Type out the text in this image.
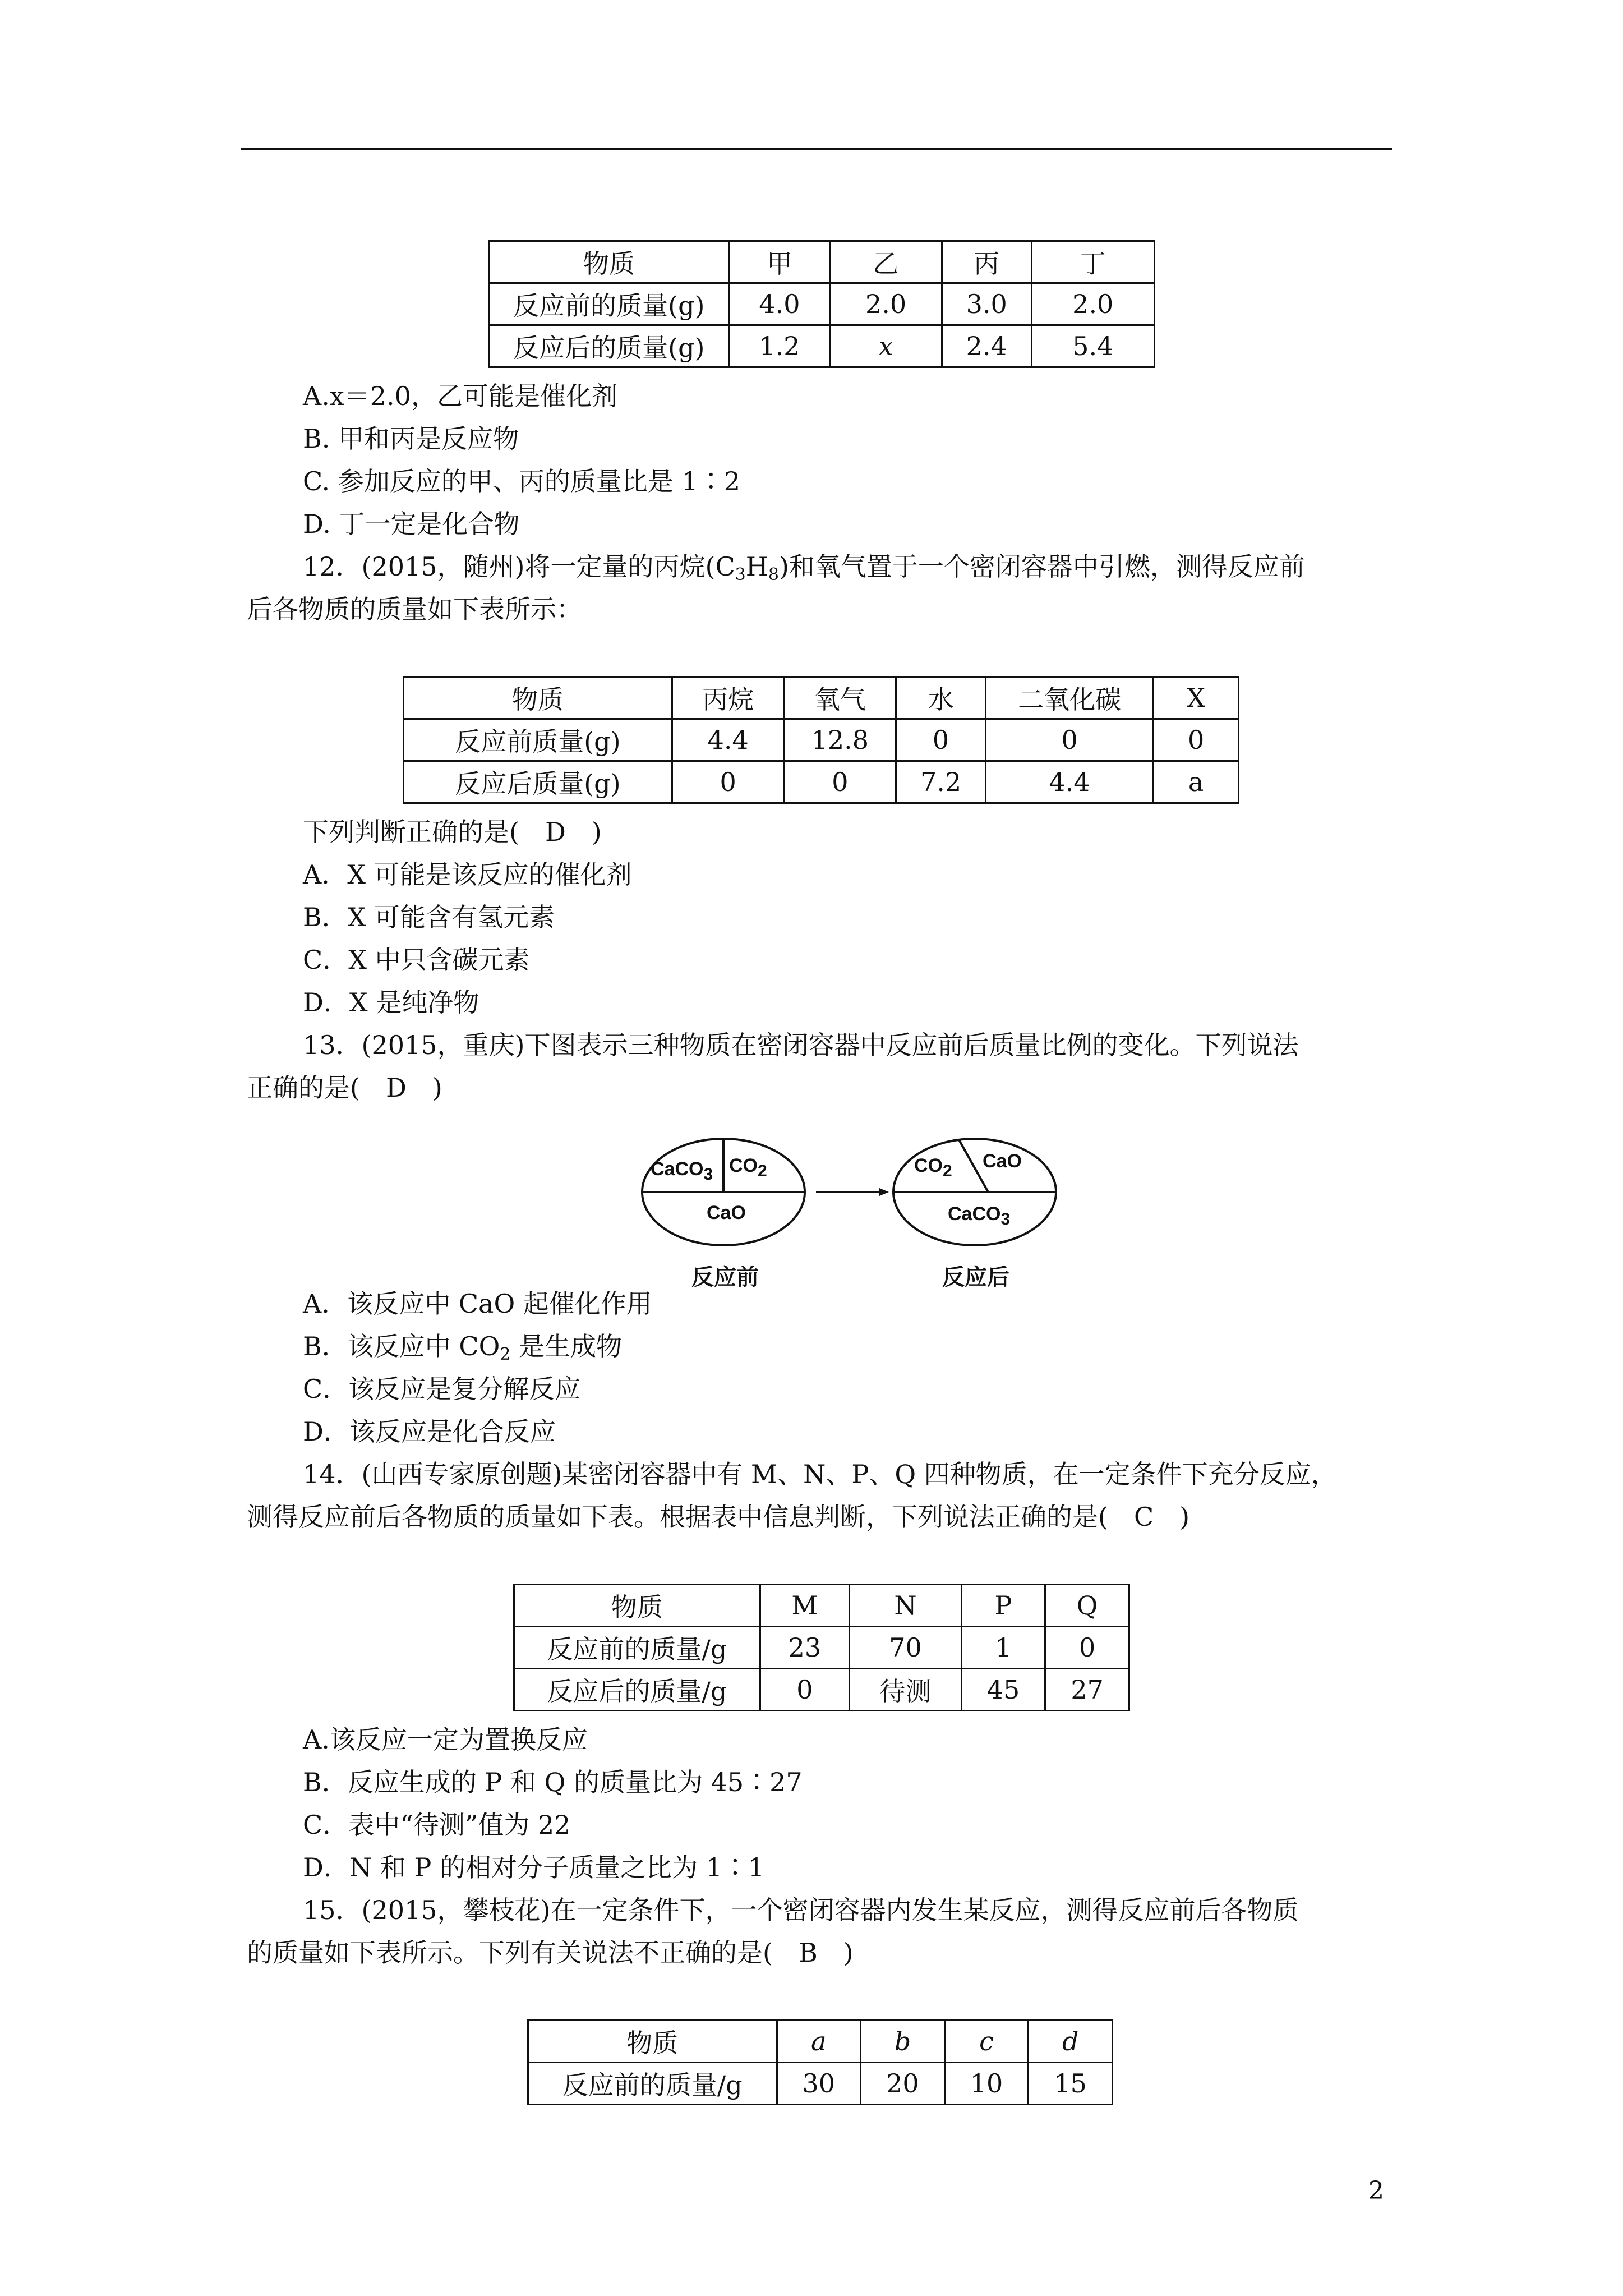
物质	甲	乙	丙	丁
反应前的质量(g)	4.0	2.0	3.0	2.0
反应后的质量(g)	1.2	x	2.4	5.4
A.x＝2.0，乙可能是催化剂
B. 甲和丙是反应物
C. 参加反应的甲、丙的质量比是 1∶2
D. 丁一定是化合物
12．(2015，随州)将一定量的丙烷$(C_3H_8)$和氧气置于一个密闭容器中引燃，测得反应前
后各物质的质量如下表所示：
物质	丙烷	氧气	水	二氧化碳	X
反应前质量(g)	4.4	12.8	0	0	0
反应后质量(g)	0	0	7.2	4.4	a
下列判断正确的是(　D　)
A．X 可能是该反应的催化剂
B．X 可能含有氢元素
C．X 中只含碳元素
D．X 是纯净物
13．(2015，重庆)下图表示三种物质在密闭容器中反应前后质量比例的变化。下列说法
正确的是(　D　)
CaCO$_3$ $CO_2$
CaO
$CO_2$ CaO
CaCO$_3$
反应前	反应后
A．该反应中 CaO 起催化作用
B．该反应中 $CO_2$ 是生成物
C．该反应是复分解反应
D．该反应是化合反应
14．(山西专家原创题)某密闭容器中有 M、N、P、Q 四种物质，在一定条件下充分反应，
测得反应前后各物质的质量如下表。根据表中信息判断，下列说法正确的是(　C　)
物质	M	N	P	Q
反应前的质量/g	23	70	1	0
反应后的质量/g	0	待测	45	27
A.该反应一定为置换反应
B．反应生成的 P 和 Q 的质量比为 45∶27
C．表中“待测”值为 22
D．N 和 P 的相对分子质量之比为 1∶1
15．(2015，攀枝花)在一定条件下，一个密闭容器内发生某反应，测得反应前后各物质
的质量如下表所示。下列有关说法不正确的是(　B　)
物质	a	b	c	d
反应前的质量/g	30	20	10	15
2
